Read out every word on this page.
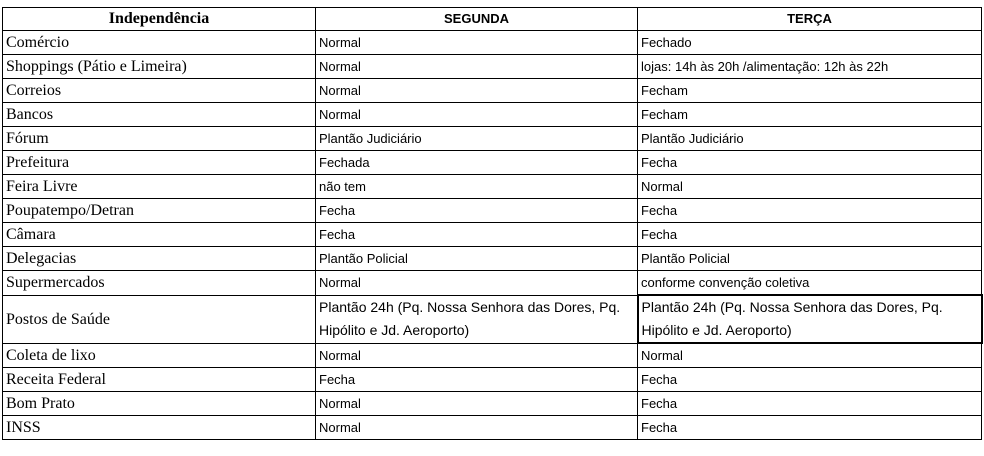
Independência	SEGUNDA	TERÇA
Comércio	Normal	Fechado
Shoppings (Pátio e Limeira)	Normal	lojas: 14h às 20h /alimentação: 12h às 22h
Correios	Normal	Fecham
Bancos	Normal	Fecham
Fórum	Plantão Judiciário	Plantão Judiciário
Prefeitura	Fechada	Fecha
Feira Livre	não tem	Normal
Poupatempo/Detran	Fecha	Fecha
Câmara	Fecha	Fecha
Delegacias	Plantão Policial	Plantão Policial
Supermercados	Normal	conforme convenção coletiva
Postos de Saúde	Plantão 24h (Pq. Nossa Senhora das Dores, Pq. Hipólito e Jd. Aeroporto)	Plantão 24h (Pq. Nossa Senhora das Dores, Pq. Hipólito e Jd. Aeroporto)
Coleta de lixo	Normal	Normal
Receita Federal	Fecha	Fecha
Bom Prato	Normal	Fecha
INSS	Normal	Fecha
